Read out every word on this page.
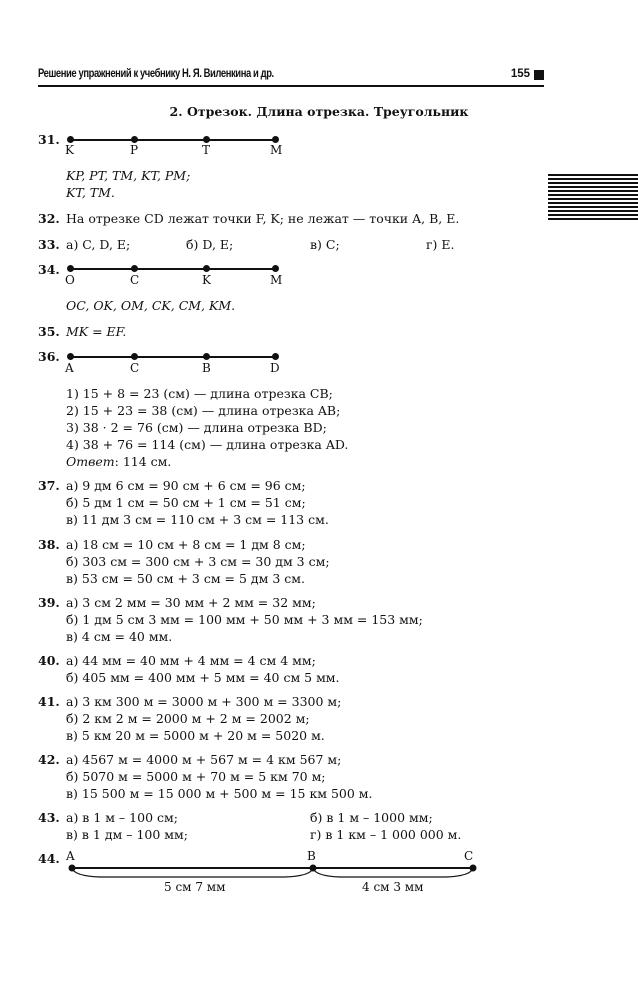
Решение упражнений к учебнику Н. Я. Виленкина и др.	155
2. Отрезок. Длина отрезка. Треугольник
31.
K	P	T	M
KP, PT, TM, KT, PM;
KT, TM.
32. На отрезке CD лежат точки F, K; не лежат — точки A, B, E.
33. а) C, D, E;	б) D, E;	в) C;	г) E.
34.
O	C	K	M
OC, OK, OM, CK, CM, KM.
35. MK = EF.
36.
A	C	B	D
1) 15 + 8 = 23 (см) — длина отрезка CB;
2) 15 + 23 = 38 (см) — длина отрезка AB;
3) 38 · 2 = 76 (см) — длина отрезка BD;
4) 38 + 76 = 114 (см) — длина отрезка AD.
Ответ: 114 см.
37. а) 9 дм 6 см = 90 см + 6 см = 96 см;
б) 5 дм 1 см = 50 см + 1 см = 51 см;
в) 11 дм 3 см = 110 см + 3 см = 113 см.
38. а) 18 см = 10 см + 8 см = 1 дм 8 см;
б) 303 см = 300 см + 3 см = 30 дм 3 см;
в) 53 см = 50 см + 3 см = 5 дм 3 см.
39. а) 3 см 2 мм = 30 мм + 2 мм = 32 мм;
б) 1 дм 5 см 3 мм = 100 мм + 50 мм + 3 мм = 153 мм;
в) 4 см = 40 мм.
40. а) 44 мм = 40 мм + 4 мм = 4 см 4 мм;
б) 405 мм = 400 мм + 5 мм = 40 см 5 мм.
41. а) 3 км 300 м = 3000 м + 300 м = 3300 м;
б) 2 км 2 м = 2000 м + 2 м = 2002 м;
в) 5 км 20 м = 5000 м + 20 м = 5020 м.
42. а) 4567 м = 4000 м + 567 м = 4 км 567 м;
б) 5070 м = 5000 м + 70 м = 5 км 70 м;
в) 15 500 м = 15 000 м + 500 м = 15 км 500 м.
43. а) в 1 м – 100 см;	б) в 1 м – 1000 мм;
в) в 1 дм – 100 мм;	г) в 1 км – 1 000 000 м.
44. A	B	C
5 см 7 мм	4 см 3 мм
